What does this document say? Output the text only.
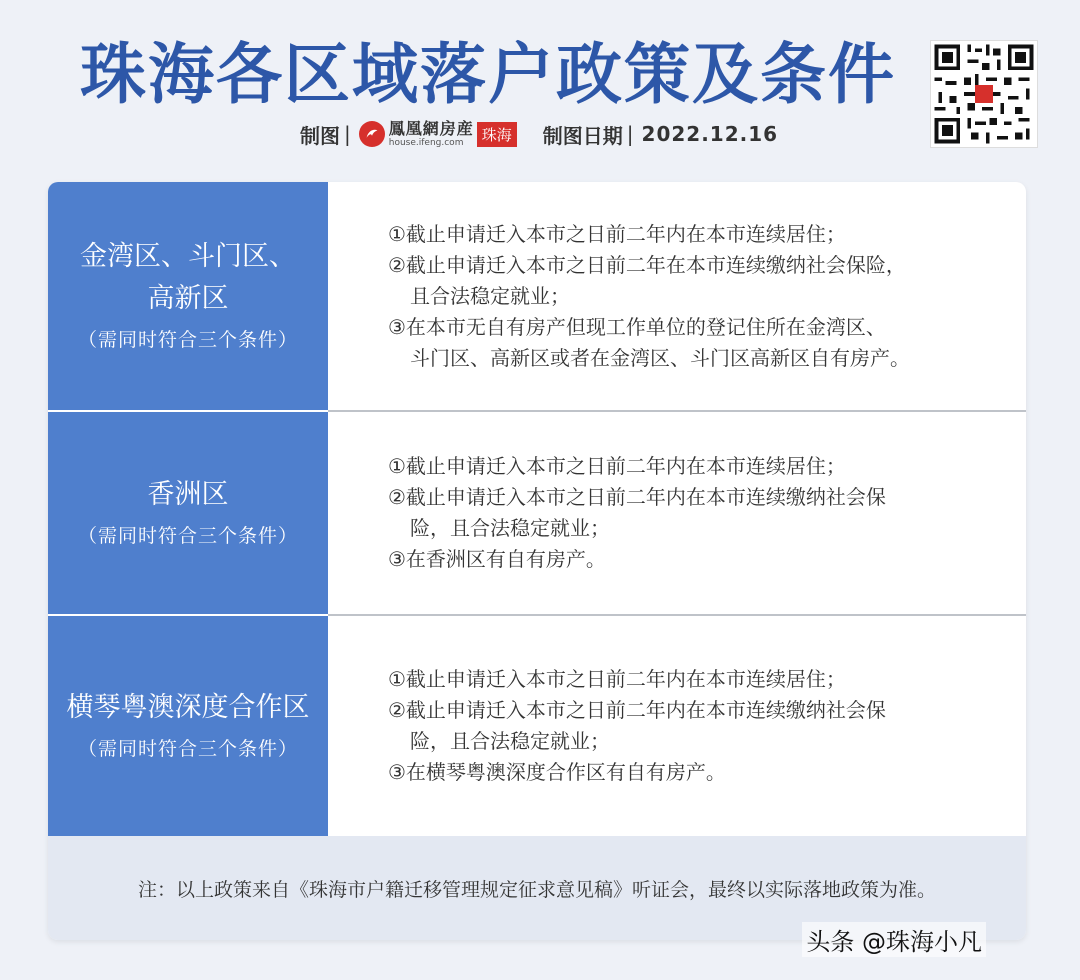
珠海各区域落户政策及条件
制图 | 鳳凰網房産
house.ifeng.com	珠海 制图日期 | 2022.12.16
金湾区、斗门区、
高新区
（需同时符合三个条件）
①截止申请迁入本市之日前二年内在本市连续居住；
②截止申请迁入本市之日前二年在本市连续缴纳社会保险，
且合法稳定就业；
③在本市无自有房产但现工作单位的登记住所在金湾区、
斗门区、高新区或者在金湾区、斗门区高新区自有房产。
香洲区
（需同时符合三个条件）
①截止申请迁入本市之日前二年内在本市连续居住；
②截止申请迁入本市之日前二年内在本市连续缴纳社会保
险，且合法稳定就业；
③在香洲区有自有房产。
横琴粤澳深度合作区
（需同时符合三个条件）
①截止申请迁入本市之日前二年内在本市连续居住；
②截止申请迁入本市之日前二年内在本市连续缴纳社会保
险，且合法稳定就业；
③在横琴粤澳深度合作区有自有房产。
注：以上政策来自《珠海市户籍迁移管理规定征求意见稿》听证会，最终以实际落地政策为准。
头条 @珠海小凡
